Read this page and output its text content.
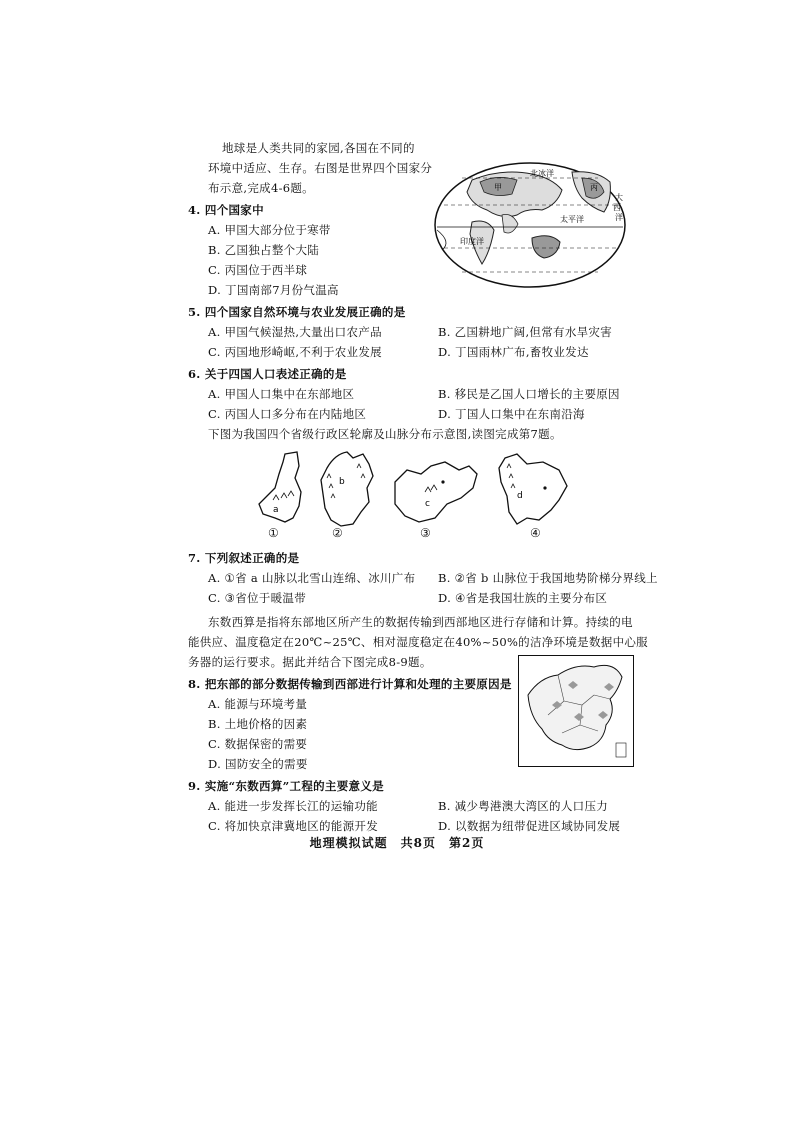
地球是人类共同的家园,各国在不同的
环境中适应、生存。右图是世界四个国家分
布示意,完成4-6题。
北冰洋
大
西
洋
太平洋
印度洋
甲	丙
4. 四个国家中
A. 甲国大部分位于寒带
B. 乙国独占整个大陆
C. 丙国位于西半球
D. 丁国南部7月份气温高
5. 四个国家自然环境与农业发展正确的是
A. 甲国气候湿热,大量出口农产品	B. 乙国耕地广阔,但常有水旱灾害
C. 丙国地形崎岖,不利于农业发展	D. 丁国雨林广布,畜牧业发达
6. 关于四国人口表述正确的是
A. 甲国人口集中在东部地区	B. 移民是乙国人口增长的主要原因
C. 丙国人口多分布在内陆地区	D. 丁国人口集中在东南沿海
下图为我国四个省级行政区轮廓及山脉分布示意图,读图完成第7题。
a
b
c
d
①	②	③	④
7. 下列叙述正确的是
A. ①省 a 山脉以北雪山连绵、冰川广布 B. ②省 b 山脉位于我国地势阶梯分界线上
C. ③省位于暖温带	D. ④省是我国壮族的主要分布区
东数西算是指将东部地区所产生的数据传输到西部地区进行存储和计算。持续的电
能供应、温度稳定在20℃~25℃、相对湿度稳定在40%~50%的洁净环境是数据中心服
务器的运行要求。据此并结合下图完成8-9题。
8. 把东部的部分数据传输到西部进行计算和处理的主要原因是
A. 能源与环境考量
B. 土地价格的因素
C. 数据保密的需要
D. 国防安全的需要
9. 实施“东数西算”工程的主要意义是
A. 能进一步发挥长江的运输功能	B. 减少粤港澳大湾区的人口压力
C. 将加快京津冀地区的能源开发	D. 以数据为纽带促进区域协同发展
地理模拟试题　共8页　第2页
